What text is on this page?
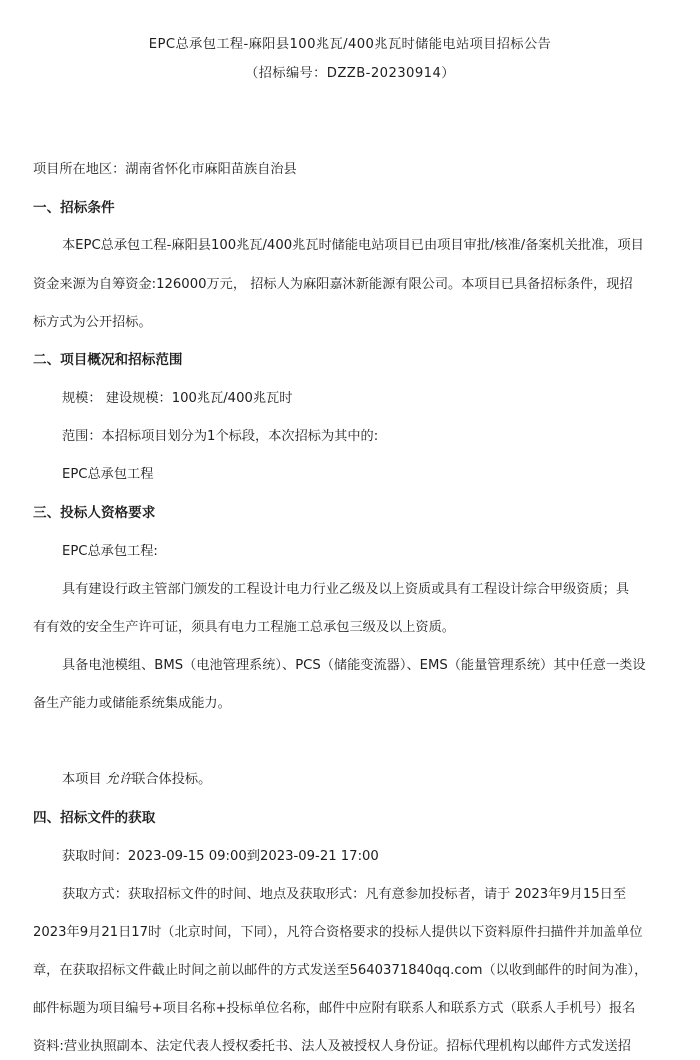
EPC总承包工程-麻阳县100兆瓦/400兆瓦时储能电站项目招标公告
（招标编号：DZZB-20230914）
项目所在地区：湖南省怀化市麻阳苗族自治县
一、招标条件
本EPC总承包工程-麻阳县100兆瓦/400兆瓦时储能电站项目已由项目审批/核准/备案机关批准，项目
资金来源为自筹资金:126000万元， 招标人为麻阳嘉沐新能源有限公司。本项目已具备招标条件，现招
标方式为公开招标。
二、项目概况和招标范围
规模： 建设规模：100兆瓦/400兆瓦时
范围：本招标项目划分为1个标段，本次招标为其中的:
EPC总承包工程
三、投标人资格要求
EPC总承包工程:
具有建设行政主管部门颁发的工程设计电力行业乙级及以上资质或具有工程设计综合甲级资质；具
有有效的安全生产许可证，须具有电力工程施工总承包三级及以上资质。
具备电池模组、BMS（电池管理系统）、PCS（储能变流器）、EMS（能量管理系统）其中任意一类设
备生产能力或储能系统集成能力。
本项目 允许联合体投标。
四、招标文件的获取
获取时间：2023-09-15 09:00到2023-09-21 17:00
获取方式：获取招标文件的时间、地点及获取形式：凡有意参加投标者，请于 2023年9月15日至
2023年9月21日17时（北京时间，下同），凡符合资格要求的投标人提供以下资料原件扫描件并加盖单位
章，在获取招标文件截止时间之前以邮件的方式发送至5640371840qq.com（以收到邮件的时间为准），
邮件标题为项目编号+项目名称+投标单位名称，邮件中应附有联系人和联系方式（联系人手机号）报名
资料:营业执照副本、法定代表人授权委托书、法人及被授权人身份证。招标代理机构以邮件方式发送招
